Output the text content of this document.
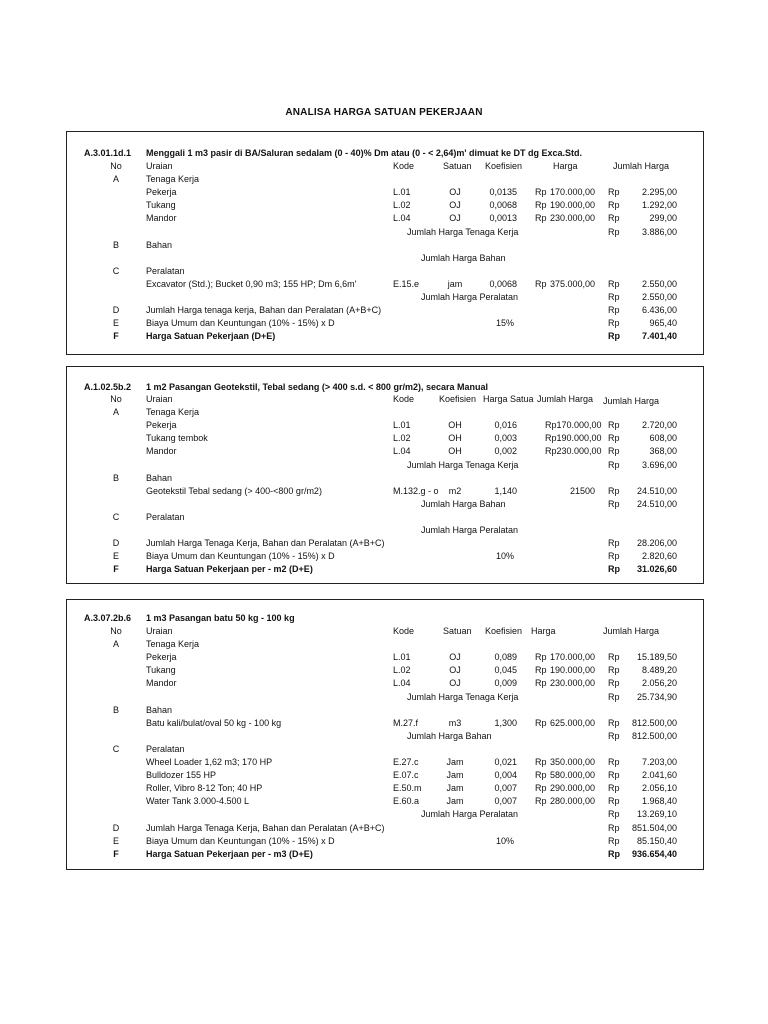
ANALISA HARGA SATUAN PEKERJAAN
A.3.01.1d.1 Menggali 1 m3 pasir di BA/Saluran sedalam (0 - 40)% Dm atau (0 - < 2,64)m' dimuat ke DT dg Exca.Std.
No	Uraian	Kode	Satuan Koefisien	Harga	Jumlah Harga
A	Tenaga Kerja
Pekerja	L.01	OJ	0,0135 Rp 170.000,00 Rp	2.295,00
Tukang	L.02	OJ	0,0068 Rp 190.000,00 Rp	1.292,00
Mandor	L.04	OJ	0,0013 Rp 230.000,00 Rp	299,00
Jumlah Harga Tenaga Kerja	Rp	3.886,00
B	Bahan
Jumlah Harga Bahan
C	Peralatan
Excavator (Std.); Bucket 0,90 m3; 155 HP; Dm 6,6m'	E.15.e	jam	0,0068 Rp 375.000,00 Rp	2.550,00
Jumlah Harga Peralatan	Rp	2.550,00
D	Jumlah Harga tenaga kerja, Bahan dan Peralatan (A+B+C)	Rp	6.436,00
E	Biaya Umum dan Keuntungan (10% - 15%) x D	15%	Rp	965,40
F	Harga Satuan Pekerjaan (D+E)	Rp	7.401,40
A.1.02.5b.2 1 m2 Pasangan Geotekstil, Tebal sedang (> 400 s.d. < 800 gr/m2), secara Manual
No	Uraian	Kode	Koefisien Harga Satua Jumlah Harga Jumlah Harga
A	Tenaga Kerja
Pekerja	L.01	OH	0,016	Rp170.000,00 Rp	2.720,00
Tukang tembok	L.02	OH	0,003	Rp190.000,00 Rp	608,00
Mandor	L.04	OH	0,002	Rp230.000,00 Rp	368,00
Jumlah Harga Tenaga Kerja	Rp	3.696,00
B	Bahan
Geotekstil Tebal sedang (> 400-<800 gr/m2)	M.132.g - o	m2	1,140	21500 Rp	24.510,00
Jumlah Harga Bahan	Rp	24.510,00
C	Peralatan
Jumlah Harga Peralatan
D	Jumlah Harga Tenaga Kerja, Bahan dan Peralatan (A+B+C)	Rp	28.206,00
E	Biaya Umum dan Keuntungan (10% - 15%) x D	10%	Rp	2.820,60
F	Harga Satuan Pekerjaan per - m2 (D+E)	Rp	31.026,60
A.3.07.2b.6 1 m3 Pasangan batu 50 kg - 100 kg
No	Uraian	Kode	Satuan Koefisien Harga	Jumlah Harga
A	Tenaga Kerja
Pekerja	L.01	OJ	0,089 Rp 170.000,00 Rp	15.189,50
Tukang	L.02	OJ	0,045 Rp 190.000,00 Rp	8.489,20
Mandor	L.04	OJ	0,009 Rp 230.000,00 Rp	2.056,20
Jumlah Harga Tenaga Kerja	Rp	25.734,90
B	Bahan
Batu kali/bulat/oval 50 kg - 100 kg	M.27.f	m3	1,300 Rp 625.000,00 Rp	812.500,00
Jumlah Harga Bahan	Rp	812.500,00
C	Peralatan
Wheel Loader 1,62 m3; 170 HP	E.27.c	Jam	0,021 Rp 350.000,00 Rp	7.203,00
Bulldozer 155 HP	E.07.c	Jam	0,004 Rp 580.000,00 Rp	2.041,60
Roller, Vibro 8-12 Ton; 40 HP	E.50.m	Jam	0,007 Rp 290.000,00 Rp	2.056,10
Water Tank 3.000-4.500 L	E.60.a	Jam	0,007 Rp 280.000,00 Rp	1.968,40
Jumlah Harga Peralatan	Rp	13.269,10
D	Jumlah Harga Tenaga Kerja, Bahan dan Peralatan (A+B+C)	Rp	851.504,00
E	Biaya Umum dan Keuntungan (10% - 15%) x D	10%	Rp	85.150,40
F	Harga Satuan Pekerjaan per - m3 (D+E)	Rp	936.654,40
